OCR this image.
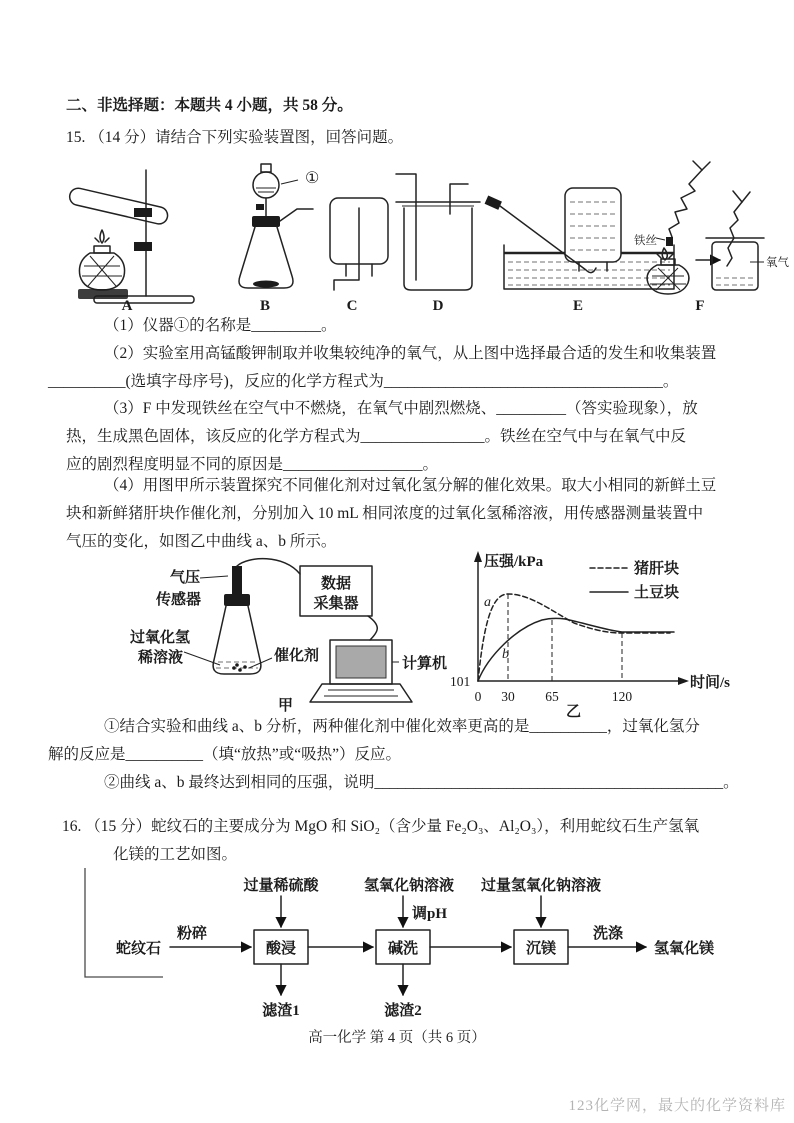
二、非选择题：本题共 4 小题，共 58 分。
15. （14 分）请结合下列实验装置图，回答问题。
A
①
B	C	D	E
铁丝
氧气
F
（1）仪器①的名称是_________。
（2）实验室用高锰酸钾制取并收集较纯净的氧气，从上图中选择最合适的发生和收集装置
__________(选填字母序号)，反应的化学方程式为____________________________________。
（3）F 中发现铁丝在空气中不燃烧，在氧气中剧烈燃烧、_________（答实验现象），放
热，生成黑色固体，该反应的化学方程式为________________。铁丝在空气中与在氧气中反
应的剧烈程度明显不同的原因是__________________。
（4）用图甲所示装置探究不同催化剂对过氧化氢分解的催化效果。取大小相同的新鲜土豆
块和新鲜猪肝块作催化剂，分别加入 10 mL 相同浓度的过氧化氢稀溶液，用传感器测量装置中
气压的变化，如图乙中曲线 a、b 所示。
气压
传感器
数据
采集器
过氧化氢
稀溶液	催化剂	计算机
甲
压强/kPa
时间/s
101
0 30 65	120
a
b
猪肝块
土豆块
乙
①结合实验和曲线 a、b 分析，两种催化剂中催化效率更高的是__________，过氧化氢分
解的反应是__________（填“放热”或“吸热”）反应。
②曲线 a、b 最终达到相同的压强，说明_____________________________________________。
16. （15 分）蛇纹石的主要成分为 MgO 和 SiO₂（含少量 Fe₂O₃、Al₂O₃），利用蛇纹石生产氢氧
化镁的工艺如图。
过量稀硫酸	氢氧化钠溶液 过量氢氧化钠溶液
调pH
酸浸	碱洗	沉镁
蛇纹石
粉碎	洗涤
氢氧化镁
滤渣1	滤渣2
高一化学 第 4 页（共 6 页）
123化学网，最大的化学资料库
